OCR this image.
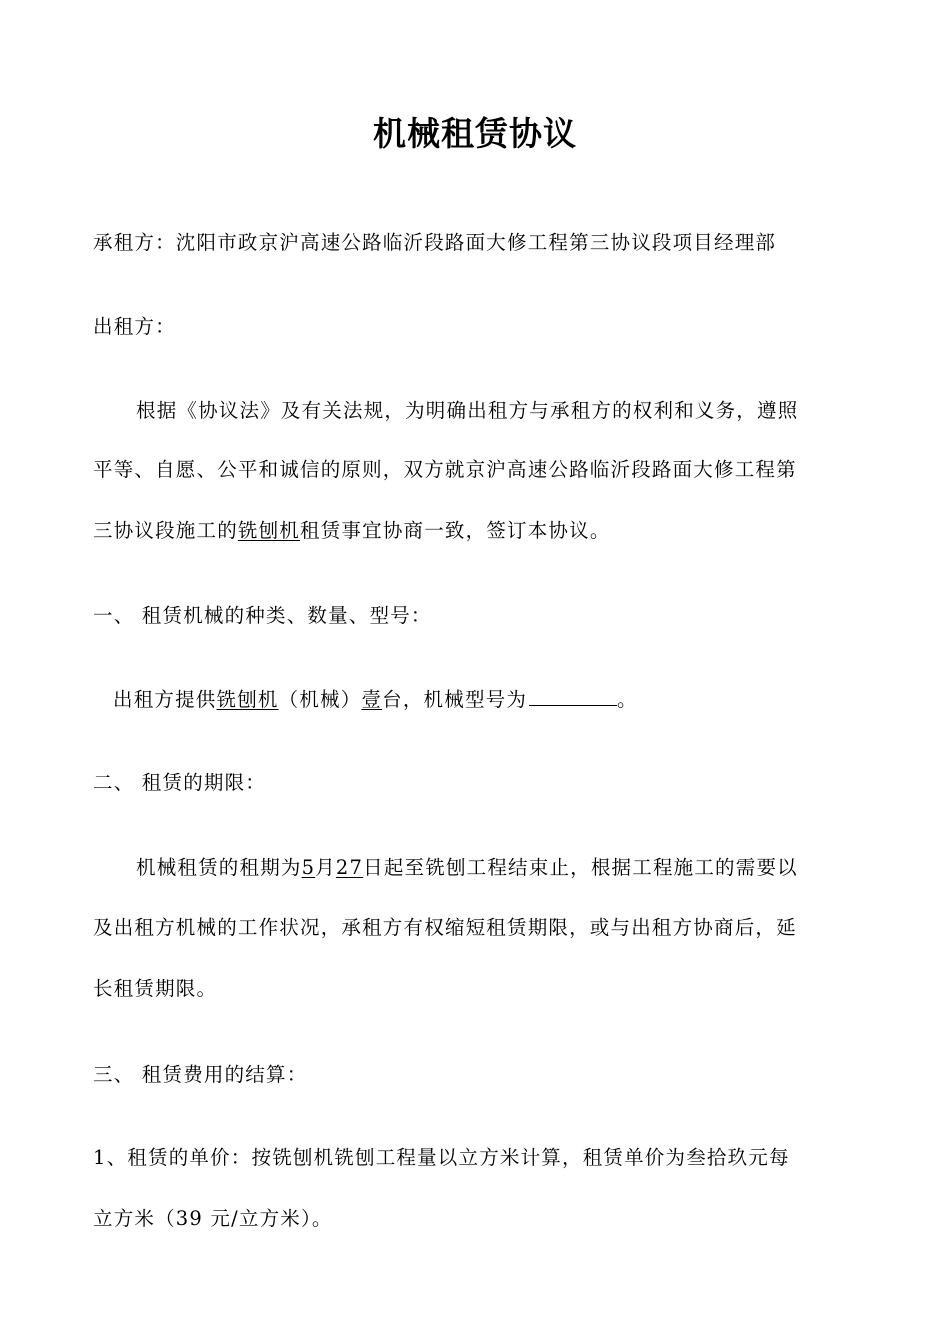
机械租赁协议

承租方：沈阳市政京沪高速公路临沂段路面大修工程第三协议段项目经理部

出租方：

根据《协议法》及有关法规，为明确出租方与承租方的权利和义务，遵照

平等、自愿、公平和诚信的原则，双方就京沪高速公路临沂段路面大修工程第

三协议段施工的铣刨机租赁事宜协商一致，签订本协议。

一、 租赁机械的种类、数量、型号：

出租方提供铣刨机（机械）壹台，机械型号为	。

二、 租赁的期限：

机械租赁的租期为5月27日起至铣刨工程结束止，根据工程施工的需要以

及出租方机械的工作状况，承租方有权缩短租赁期限，或与出租方协商后，延

长租赁期限。

三、 租赁费用的结算：

1、租赁的单价：按铣刨机铣刨工程量以立方米计算，租赁单价为叁拾玖元每

立方米（39 元/立方米）。
